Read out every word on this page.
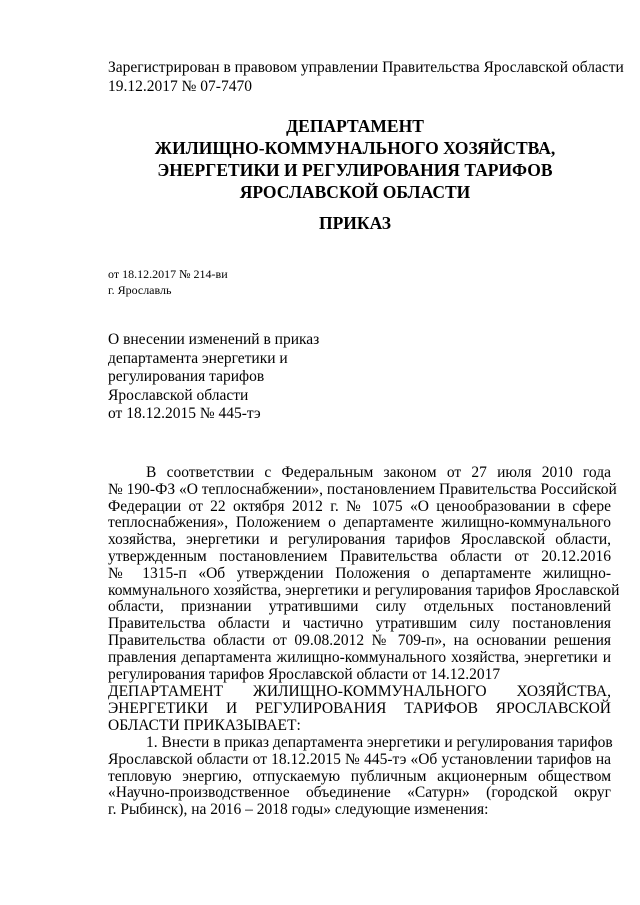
Зарегистрирован в правовом управлении Правительства Ярославской области
19.12.2017 № 07-7470
ДЕПАРТАМЕНТ
ЖИЛИЩНО-КОММУНАЛЬНОГО ХОЗЯЙСТВА,
ЭНЕРГЕТИКИ И РЕГУЛИРОВАНИЯ ТАРИФОВ
ЯРОСЛАВСКОЙ ОБЛАСТИ
ПРИКАЗ
от 18.12.2017 № 214-ви
г. Ярославль
О внесении изменений в приказ
департамента энергетики и
регулирования тарифов
Ярославской области
от 18.12.2015 № 445-тэ
В соответствии с Федеральным законом от 27 июля 2010 года
№ 190-ФЗ «О теплоснабжении», постановлением Правительства Российской
Федерации от 22 октября 2012 г. № 1075 «О ценообразовании в сфере
теплоснабжения», Положением о департаменте жилищно-коммунального
хозяйства, энергетики и регулирования тарифов Ярославской области,
утвержденным постановлением Правительства области от 20.12.2016
№ 1315-п «Об утверждении Положения о департаменте жилищно-
коммунального хозяйства, энергетики и регулирования тарифов Ярославской
области, признании утратившими силу отдельных постановлений
Правительства области и частично утратившим силу постановления
Правительства области от 09.08.2012 № 709-п», на основании решения
правления департамента жилищно-коммунального хозяйства, энергетики и
регулирования тарифов Ярославской области от 14.12.2017
ДЕПАРТАМЕНТ ЖИЛИЩНО-КОММУНАЛЬНОГО ХОЗЯЙСТВА,
ЭНЕРГЕТИКИ И РЕГУЛИРОВАНИЯ ТАРИФОВ ЯРОСЛАВСКОЙ
ОБЛАСТИ ПРИКАЗЫВАЕТ:
1. Внести в приказ департамента энергетики и регулирования тарифов
Ярославской области от 18.12.2015 № 445-тэ «Об установлении тарифов на
тепловую энергию, отпускаемую публичным акционерным обществом
«Научно-производственное объединение «Сатурн» (городской округ
г. Рыбинск), на 2016 – 2018 годы» следующие изменения:
